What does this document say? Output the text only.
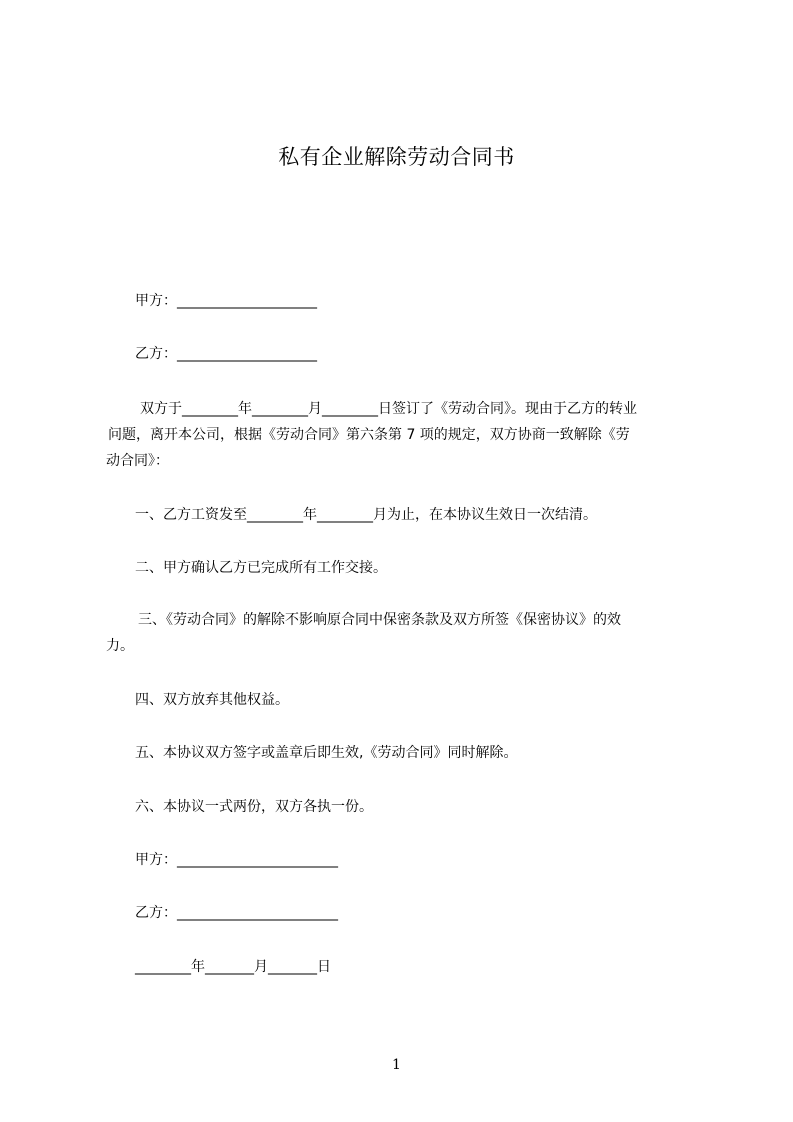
私有企业解除劳动合同书
甲方：____________________
乙方：____________________
双方于________年________月________日签订了《劳动合同》。现由于乙方的转业
问题，离开本公司，根据《劳动合同》第六条第 7 项的规定，双方协商一致解除《劳
动合同》：
一、乙方工资发至________年________月为止，在本协议生效日一次结清。
二、甲方确认乙方已完成所有工作交接。
三、《劳动合同》的解除不影响原合同中保密条款及双方所签《保密协议》的效
力。
四、双方放弃其他权益。
五、本协议双方签字或盖章后即生效,《劳动合同》同时解除。
六、本协议一式两份，双方各执一份。
甲方：_______________________
乙方：_______________________
________年_______月_______日
1
